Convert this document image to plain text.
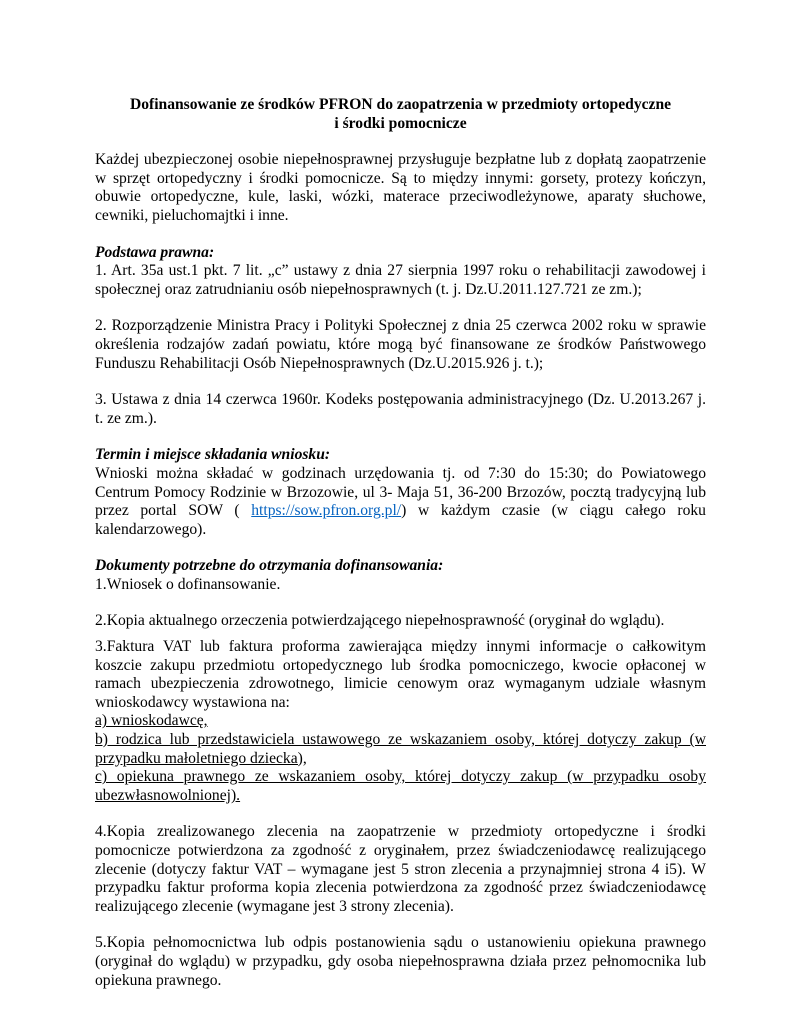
Dofinansowanie ze środków PFRON do zaopatrzenia w przedmioty ortopedyczne
i środki pomocnicze

Każdej ubezpieczonej osobie niepełnosprawnej przysługuje bezpłatne lub z dopłatą zaopatrzenie w sprzęt ortopedyczny i środki pomocnicze. Są to między innymi: gorsety, protezy kończyn, obuwie ortopedyczne, kule, laski, wózki, materace przeciwodleżynowe, aparaty słuchowe, cewniki, pieluchomajtki i inne.

Podstawa prawna:

1. Art. 35a ust.1 pkt. 7 lit. „c” ustawy z dnia 27 sierpnia 1997 roku o rehabilitacji zawodowej i społecznej oraz zatrudnianiu osób niepełnosprawnych (t. j. Dz.U.2011.127.721 ze zm.);

2. Rozporządzenie Ministra Pracy i Polityki Społecznej z dnia 25 czerwca 2002 roku w sprawie określenia rodzajów zadań powiatu, które mogą być finansowane ze środków Państwowego Funduszu Rehabilitacji Osób Niepełnosprawnych (Dz.U.2015.926 j. t.);

3. Ustawa z dnia 14 czerwca 1960r. Kodeks postępowania administracyjnego (Dz. U.2013.267 j. t. ze zm.).

Termin i miejsce składania wniosku:

Wnioski można składać w godzinach urzędowania tj. od 7:30 do 15:30; do Powiatowego Centrum Pomocy Rodzinie w Brzozowie, ul 3- Maja 51, 36-200 Brzozów, pocztą tradycyjną lub przez portal SOW ( https://sow.pfron.org.pl/) w każdym czasie (w ciągu całego roku kalendarzowego).

Dokumenty potrzebne do otrzymania dofinansowania:

1.Wniosek o dofinansowanie.

2.Kopia aktualnego orzeczenia potwierdzającego niepełnosprawność (oryginał do wglądu).

3.Faktura VAT lub faktura proforma zawierająca między innymi informacje o całkowitym koszcie zakupu przedmiotu ortopedycznego lub środka pomocniczego, kwocie opłaconej w ramach ubezpieczenia zdrowotnego, limicie cenowym oraz wymaganym udziale własnym wnioskodawcy wystawiona na:

a) wnioskodawcę,

b) rodzica lub przedstawiciela ustawowego ze wskazaniem osoby, której dotyczy zakup (w przypadku małoletniego dziecka),

c) opiekuna prawnego ze wskazaniem osoby, której dotyczy zakup (w przypadku osoby ubezwłasnowolnionej).

4.Kopia zrealizowanego zlecenia na zaopatrzenie w przedmioty ortopedyczne i środki pomocnicze potwierdzona za zgodność z oryginałem, przez świadczeniodawcę realizującego zlecenie (dotyczy faktur VAT – wymagane jest 5 stron zlecenia a przynajmniej strona 4 i5). W przypadku faktur proforma kopia zlecenia potwierdzona za zgodność przez świadczeniodawcę realizującego zlecenie (wymagane jest 3 strony zlecenia).

5.Kopia pełnomocnictwa lub odpis postanowienia sądu o ustanowieniu opiekuna prawnego (oryginał do wglądu) w przypadku, gdy osoba niepełnosprawna działa przez pełnomocnika lub opiekuna prawnego.
